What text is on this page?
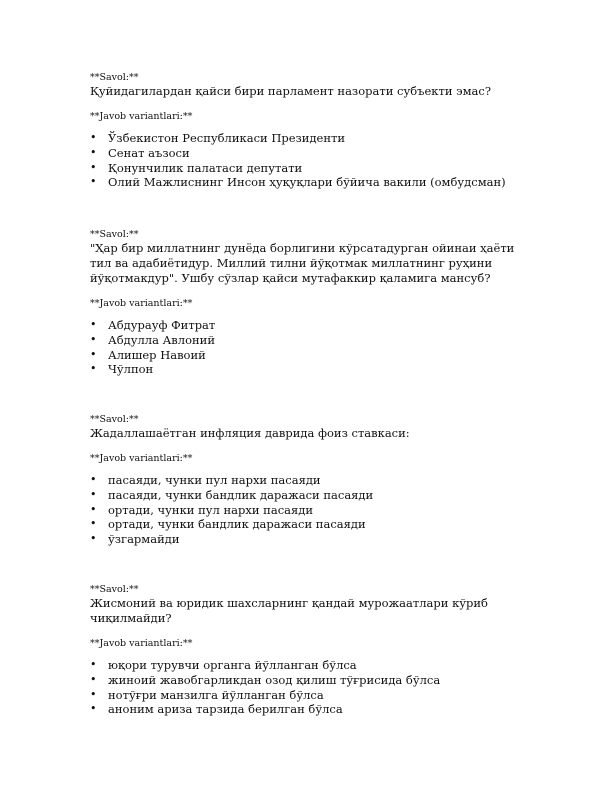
**Savol:**

Қуйидагилардан қайси бири парламент назорати субъекти эмас?

**Javob variantlari:**

• Ўзбекистон Республикаси Президенти
• Сенат аъзоси
• Қонунчилик палатаси депутати
• Олий Мажлиснинг Инсон ҳуқуқлари бўйича вакили (омбудсман)

**Savol:**

"Ҳар бир миллатнинг дунёда борлигини кўрсатадурган ойинаи ҳаёти тил ва адабиётидур. Миллий тилни йўқотмак миллатнинг руҳини йўқотмакдур". Ушбу сўзлар қайси мутафаккир қаламига мансуб?

**Javob variantlari:**

• Абдурауф Фитрат
• Абдулла Авлоний
• Алишер Навоий
• Чўлпон

**Savol:**

Жадаллашаётган инфляция даврида фоиз ставкаси:

**Javob variantlari:**

• пасаяди, чунки пул нархи пасаяди
• пасаяди, чунки бандлик даражаси пасаяди
• ортади, чунки пул нархи пасаяди
• ортади, чунки бандлик даражаси пасаяди
• ўзгармайди

**Savol:**

Жисмоний ва юридик шахсларнинг қандай мурожаатлари кўриб чиқилмайди?

**Javob variantlari:**

• юқори турувчи органга йўлланган бўлса
• жиноий жавобгарликдан озод қилиш тўғрисида бўлса
• нотўғри манзилга йўлланган бўлса
• аноним ариза тарзида берилган бўлса
